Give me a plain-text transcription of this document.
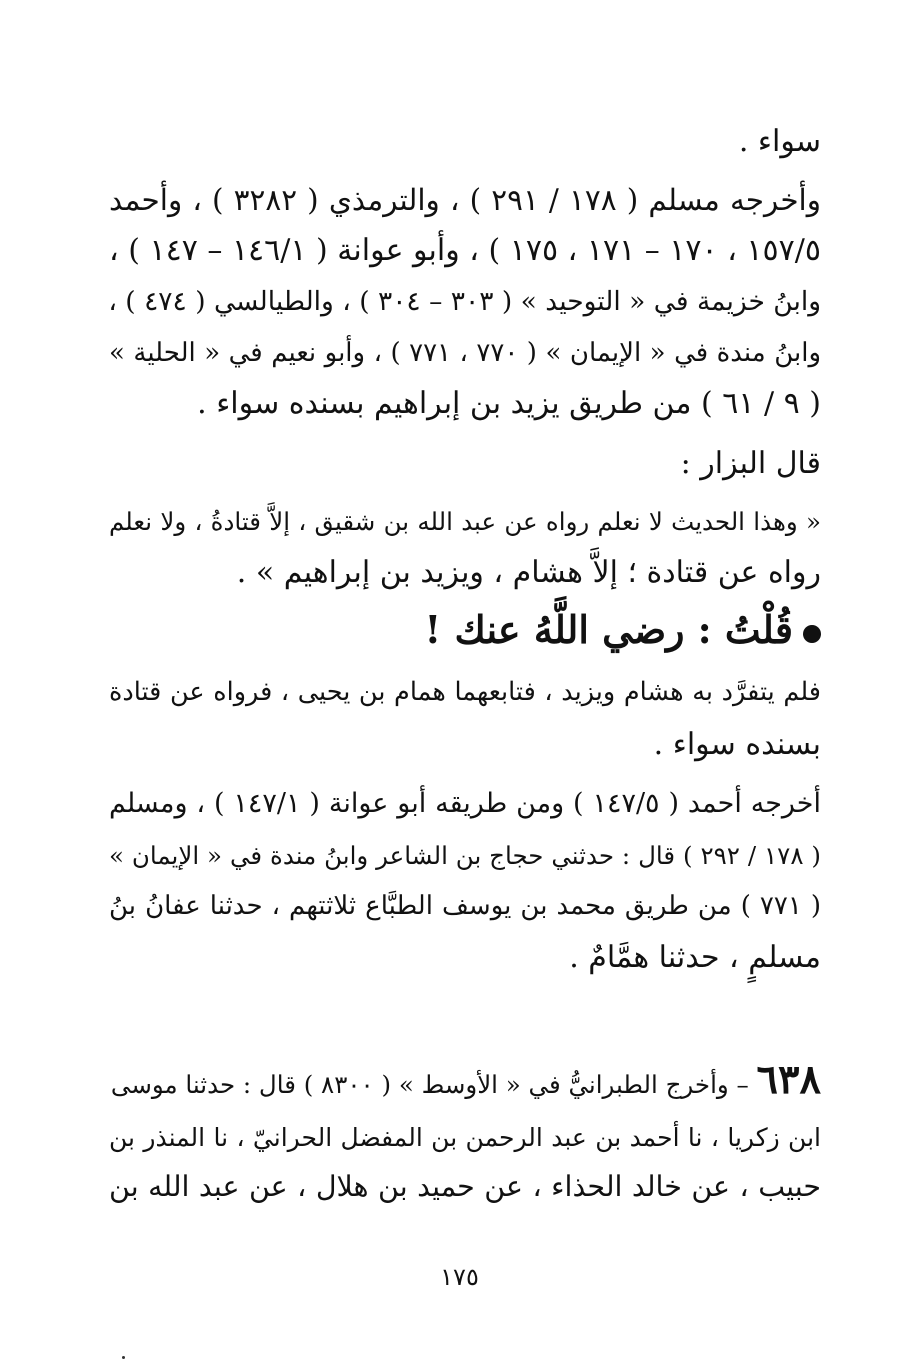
سواء .
وأخرجه مسلم ( ١٧٨ / ٢٩١ ) ، والترمذي ( ٣٢٨٢ ) ، وأحمد
١٥٧/٥ ، ١٧٠ – ١٧١ ، ١٧٥ ) ، وأبو عوانة ( ١٤٦/١ – ١٤٧ ) ،
وابنُ خزيمة في « التوحيد » ( ٣٠٣ – ٣٠٤ ) ، والطيالسي ( ٤٧٤ ) ،
وابنُ مندة في « الإيمان » ( ٧٧٠ ، ٧٧١ ) ، وأبو نعيم في « الحلية »
( ٩ / ٦١ ) من طريق يزيد بن إبراهيم بسنده سواء .
قال البزار :
« وهذا الحديث لا نعلم رواه عن عبد الله بن شقيق ، إلاَّ قتادةُ ، ولا نعلم
رواه عن قتادة ؛ إلاَّ هشام ، ويزيد بن إبراهيم » .
قُلْتُ : رضي اللَّهُ عنك !
فلم يتفرَّد به هشام ويزيد ، فتابعهما همام بن يحيى ، فرواه عن قتادة
بسنده سواء .
أخرجه أحمد ( ١٤٧/٥ ) ومن طريقه أبو عوانة ( ١٤٧/١ ) ، ومسلم
( ١٧٨ / ٢٩٢ ) قال : حدثني حجاج بن الشاعر وابنُ مندة في « الإيمان »
( ٧٧١ ) من طريق محمد بن يوسف الطبَّاع ثلاثتهم ، حدثنا عفانُ بنُ
مسلمٍ ، حدثنا همَّامٌ .
٦٣٨ – وأخرج الطبرانيُّ في « الأوسط » ( ٨٣٠٠ ) قال : حدثنا موسى
ابن زكريا ، نا أحمد بن عبد الرحمن بن المفضل الحرانيّ ، نا المنذر بن
حبيب ، عن خالد الحذاء ، عن حميد بن هلال ، عن عبد الله بن
١٧٥
